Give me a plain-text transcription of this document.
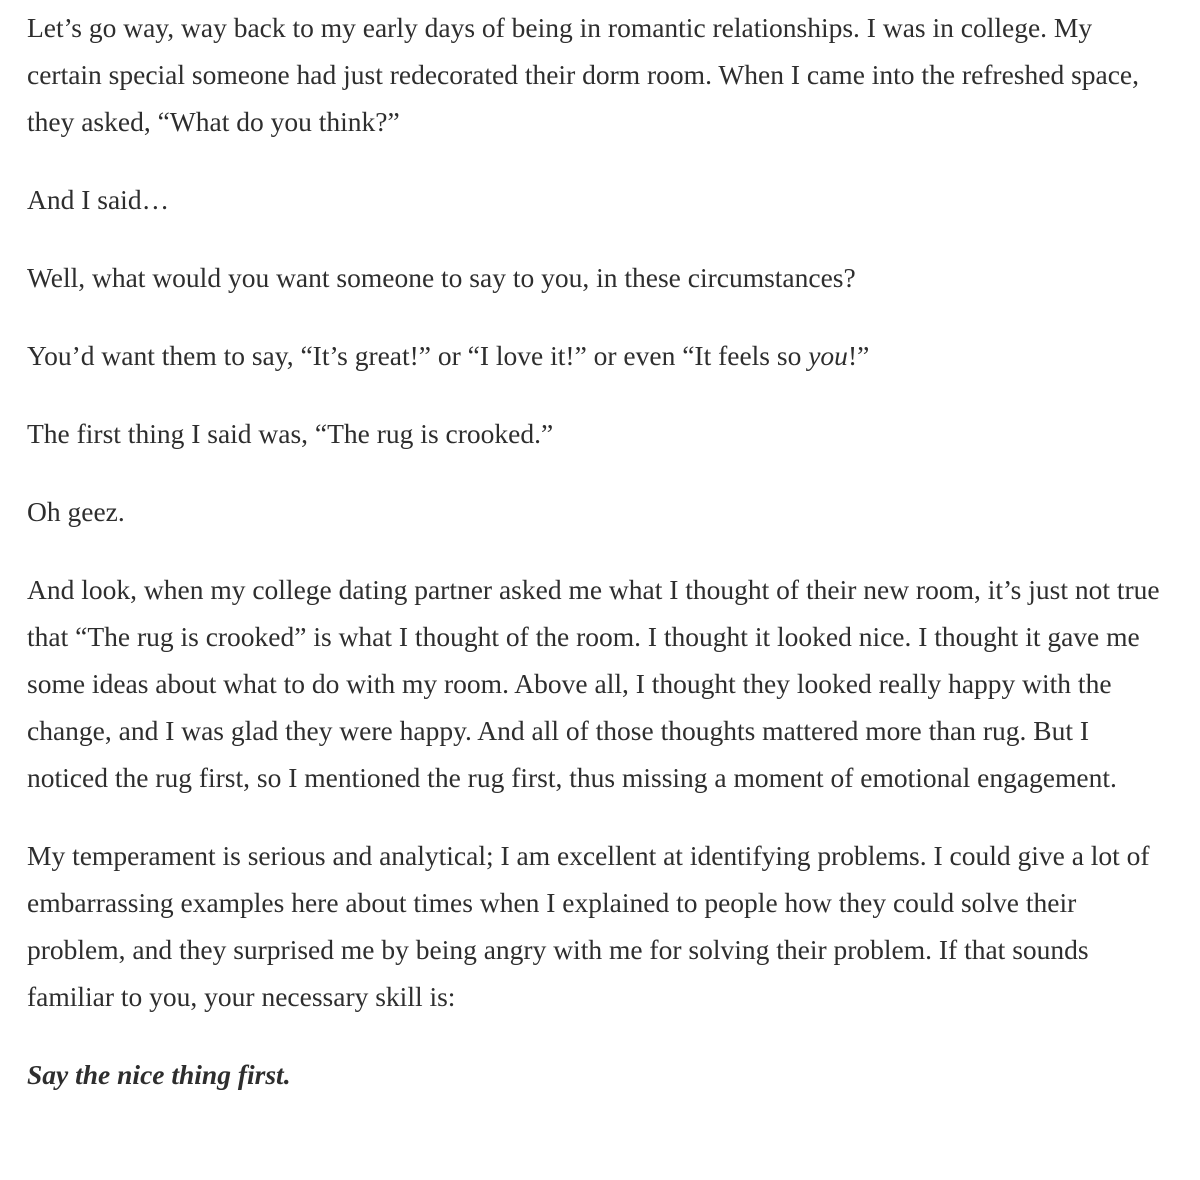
Let’s go way, way back to my early days of being in romantic relationships. I was in college. My certain special someone had just redecorated their dorm room. When I came into the refreshed space, they asked, “What do you think?”

And I said…

Well, what would you want someone to say to you, in these circumstances?

You’d want them to say, “It’s great!” or “I love it!” or even “It feels so you!”

The first thing I said was, “The rug is crooked.”

Oh geez.

And look, when my college dating partner asked me what I thought of their new room, it’s just not true that “The rug is crooked” is what I thought of the room. I thought it looked nice. I thought it gave me some ideas about what to do with my room. Above all, I thought they looked really happy with the change, and I was glad they were happy. And all of those thoughts mattered more than rug. But I noticed the rug first, so I mentioned the rug first, thus missing a moment of emotional engagement.

My temperament is serious and analytical; I am excellent at identifying problems. I could give a lot of embarrassing examples here about times when I explained to people how they could solve their problem, and they surprised me by being angry with me for solving their problem. If that sounds familiar to you, your necessary skill is:

Say the nice thing first.
